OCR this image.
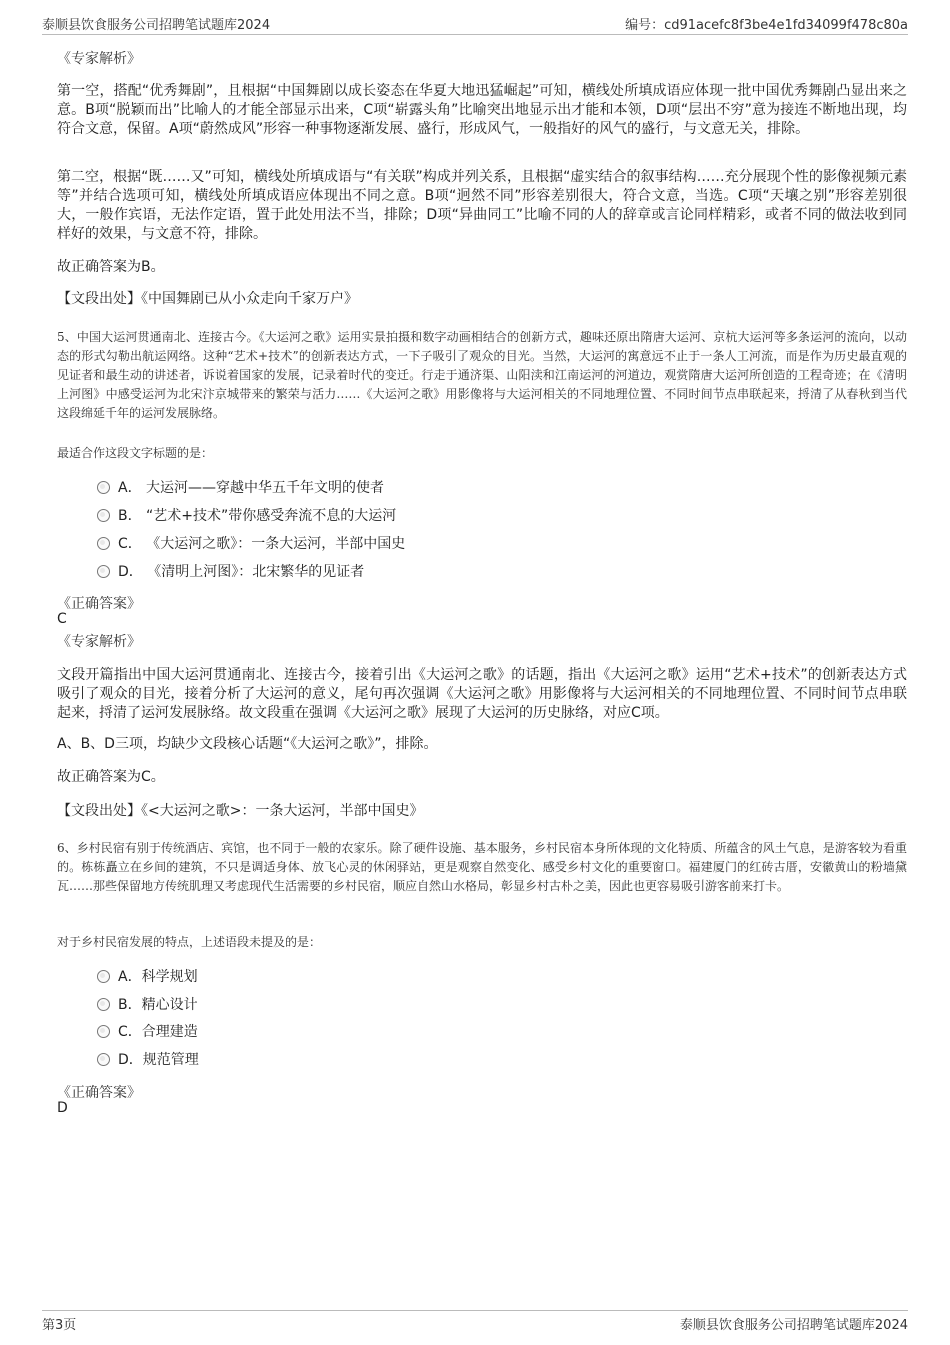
泰顺县饮食服务公司招聘笔试题库2024	编号：cd91acefc8f3be4e1fd34099f478c80a
《专家解析》
第一空，搭配“优秀舞剧”，且根据“中国舞剧以成长姿态在华夏大地迅猛崛起”可知，横线处所填成语应体现一批中国优秀舞剧凸显出来之意。B项“脱颖而出”比喻人的才能全部显示出来，C项“崭露头角”比喻突出地显示出才能和本领，D项“层出不穷”意为接连不断地出现，均符合文意，保留。A项“蔚然成风”形容一种事物逐渐发展、盛行，形成风气，一般指好的风气的盛行，与文意无关，排除。
第二空，根据“既……又”可知，横线处所填成语与“有关联”构成并列关系，且根据“虚实结合的叙事结构……充分展现个性的影像视频元素等”并结合选项可知，横线处所填成语应体现出不同之意。B项“迥然不同”形容差别很大，符合文意，当选。C项“天壤之别”形容差别很大，一般作宾语，无法作定语，置于此处用法不当，排除；D项“异曲同工”比喻不同的人的辞章或言论同样精彩，或者不同的做法收到同样好的效果，与文意不符，排除。
故正确答案为B。
【文段出处】《中国舞剧已从小众走向千家万户》
5、中国大运河贯通南北、连接古今。《大运河之歌》运用实景拍摄和数字动画相结合的创新方式，趣味还原出隋唐大运河、京杭大运河等多条运河的流向，以动态的形式勾勒出航运网络。这种“艺术+技术”的创新表达方式，一下子吸引了观众的目光。当然，大运河的寓意远不止于一条人工河流，而是作为历史最直观的见证者和最生动的讲述者，诉说着国家的发展，记录着时代的变迁。行走于通济渠、山阳渎和江南运河的河道边，观赏隋唐大运河所创造的工程奇迹；在《清明上河图》中感受运河为北宋汴京城带来的繁荣与活力……《大运河之歌》用影像将与大运河相关的不同地理位置、不同时间节点串联起来，捋清了从春秋到当代这段绵延千年的运河发展脉络。
最适合作这段文字标题的是：
A． 大运河——穿越中华五千年文明的使者
B． “艺术+技术”带你感受奔流不息的大运河
C． 《大运河之歌》：一条大运河，半部中国史
D． 《清明上河图》：北宋繁华的见证者
《正确答案》
C
《专家解析》
文段开篇指出中国大运河贯通南北、连接古今，接着引出《大运河之歌》的话题，指出《大运河之歌》运用“艺术+技术”的创新表达方式吸引了观众的目光，接着分析了大运河的意义，尾句再次强调《大运河之歌》用影像将与大运河相关的不同地理位置、不同时间节点串联起来，捋清了运河发展脉络。故文段重在强调《大运河之歌》展现了大运河的历史脉络，对应C项。
A、B、D三项，均缺少文段核心话题“《大运河之歌》”，排除。
故正确答案为C。
【文段出处】《<大运河之歌>：一条大运河，半部中国史》
6、乡村民宿有别于传统酒店、宾馆，也不同于一般的农家乐。除了硬件设施、基本服务，乡村民宿本身所体现的文化特质、所蕴含的风土气息，是游客较为看重的。栋栋矗立在乡间的建筑，不只是调适身体、放飞心灵的休闲驿站，更是观察自然变化、感受乡村文化的重要窗口。福建厦门的红砖古厝，安徽黄山的粉墙黛瓦……那些保留地方传统肌理又考虑现代生活需要的乡村民宿，顺应自然山水格局，彰显乡村古朴之美，因此也更容易吸引游客前来打卡。
对于乡村民宿发展的特点，上述语段未提及的是：
A．科学规划
B．精心设计
C．合理建造
D．规范管理
《正确答案》
D
第3页	泰顺县饮食服务公司招聘笔试题库2024
